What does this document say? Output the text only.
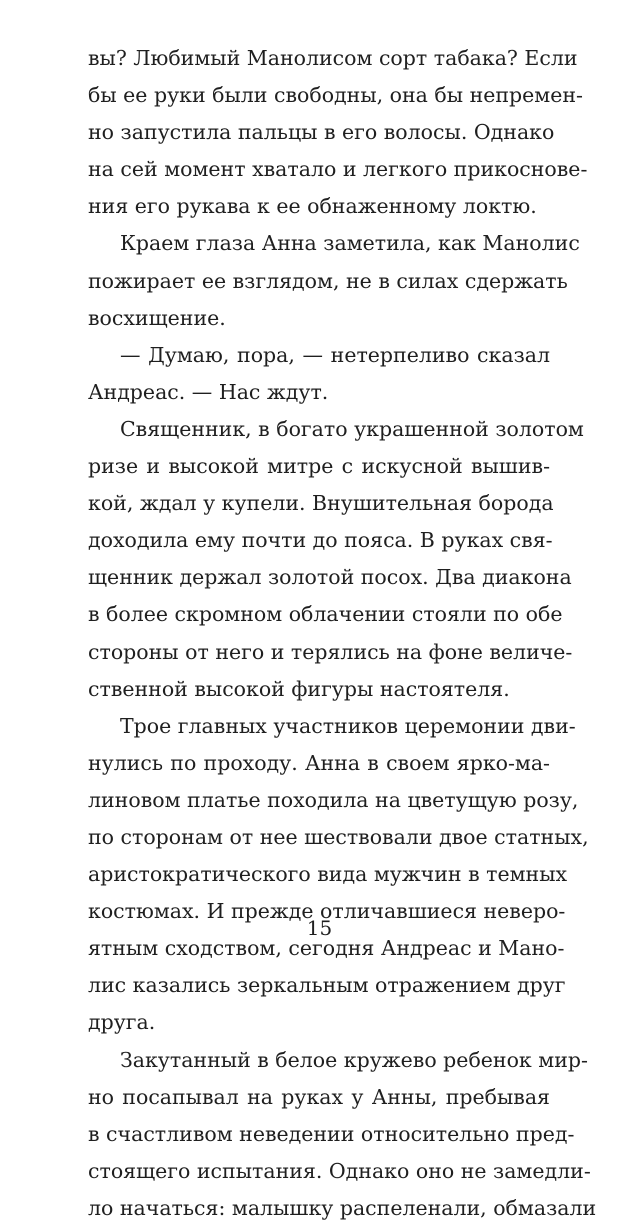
вы? Любимый Манолисом сорт табака? Если
бы ее руки были свободны, она бы непремен-
но запустила пальцы в его волосы. Однако
на сей момент хватало и легкого прикоснове-
ния его рукава к ее обнаженному локтю.
Краем глаза Анна заметила, как Манолис
пожирает ее взглядом, не в силах сдержать
восхищение.
— Думаю, пора, — нетерпеливо сказал
Андреас. — Нас ждут.
Священник, в богато украшенной золотом
ризе и высокой митре с искусной вышив-
кой, ждал у купели. Внушительная борода
доходила ему почти до пояса. В руках свя-
щенник держал золотой посох. Два диакона
в более скромном облачении стояли по обе
стороны от него и терялись на фоне величе-
ственной высокой фигуры настоятеля.
Трое главных участников церемонии дви-
нулись по проходу. Анна в своем ярко-ма-
линовом платье походила на цветущую розу,
по сторонам от нее шествовали двое статных,
аристократического вида мужчин в темных
костюмах. И прежде отличавшиеся неверо-
ятным сходством, сегодня Андреас и Мано-
лис казались зеркальным отражением друг
друга.
Закутанный в белое кружево ребенок мир-
но посапывал на руках у Анны, пребывая
в счастливом неведении относительно пред-
стоящего испытания. Однако оно не замедли-
ло начаться: малышку распеленали, обмазали
15
